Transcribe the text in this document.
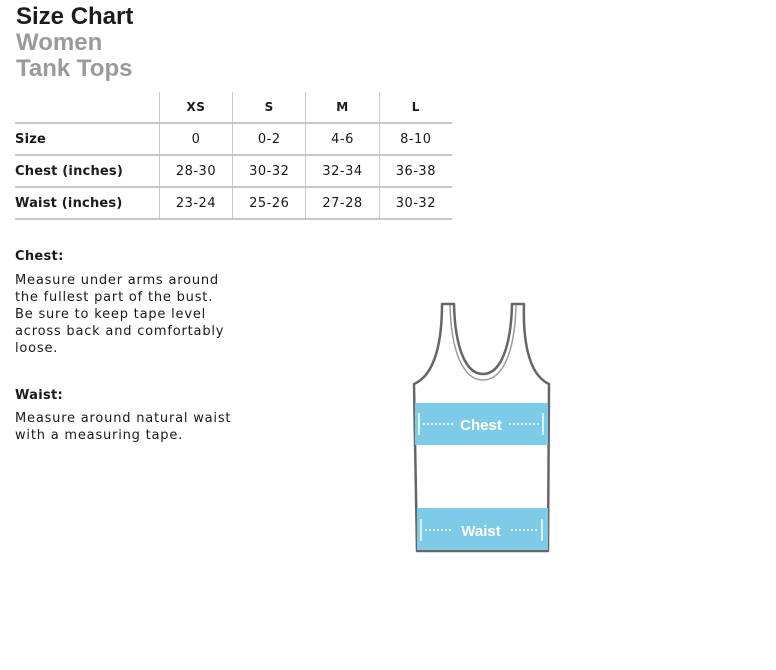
Size Chart
Women
Tank Tops
	XS	S	M	L
Size	0	0-2	4-6	8-10
Chest (inches)	28-30	30-32	32-34	36-38
Waist (inches)	23-24	25-26	27-28	30-32
Chest:
Measure under arms around
the fullest part of the bust.
Be sure to keep tape level
across back and comfortably
loose.
Waist:
Measure around natural waist
with a measuring tape.
Chest
Waist
